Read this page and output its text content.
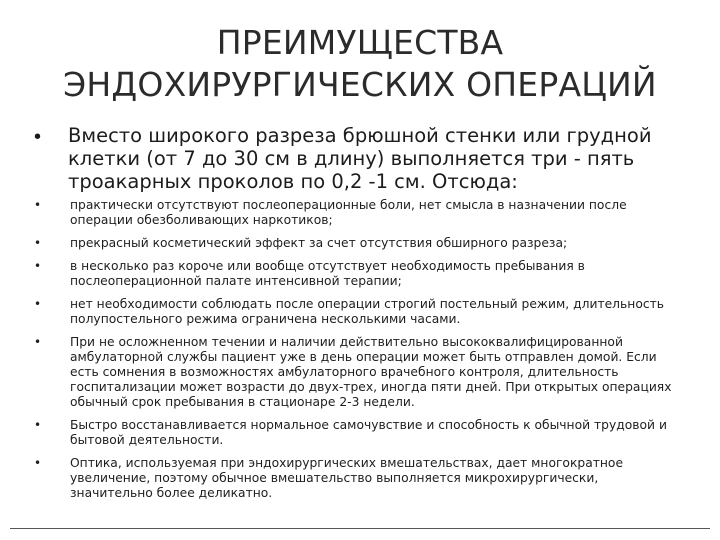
ПРЕИМУЩЕСТВА
ЭНДОХИРУРГИЧЕСКИХ ОПЕРАЦИЙ
• Вместо широкого разреза брюшной стенки или грудной клетки (от 7 до 30 см в длину) выполняется три - пять троакарных проколов по 0,2 -1 см. Отсюда:
• практически отсутствуют послеоперационные боли, нет смысла в назначении после операции обезболивающих наркотиков;
• прекрасный косметический эффект за счет отсутствия обширного разреза;
• в несколько раз короче или вообще отсутствует необходимость пребывания в послеоперационной палате интенсивной терапии;
• нет необходимости соблюдать после операции строгий постельный режим, длительность полупостельного режима ограничена несколькими часами.
• При не осложненном течении и наличии действительно высококвалифицированной амбулаторной службы пациент уже в день операции может быть отправлен домой. Если есть сомнения в возможностях амбулаторного врачебного контроля, длительность госпитализации может возрасти до двух-трех, иногда пяти дней. При открытых операциях обычный срок пребывания в стационаре 2-3 недели.
• Быстро восстанавливается нормальное самочувствие и способность к обычной трудовой и бытовой деятельности.
• Оптика, используемая при эндохирургических вмешательствах, дает многократное увеличение, поэтому обычное вмешательство выполняется микрохирургически, значительно более деликатно.
